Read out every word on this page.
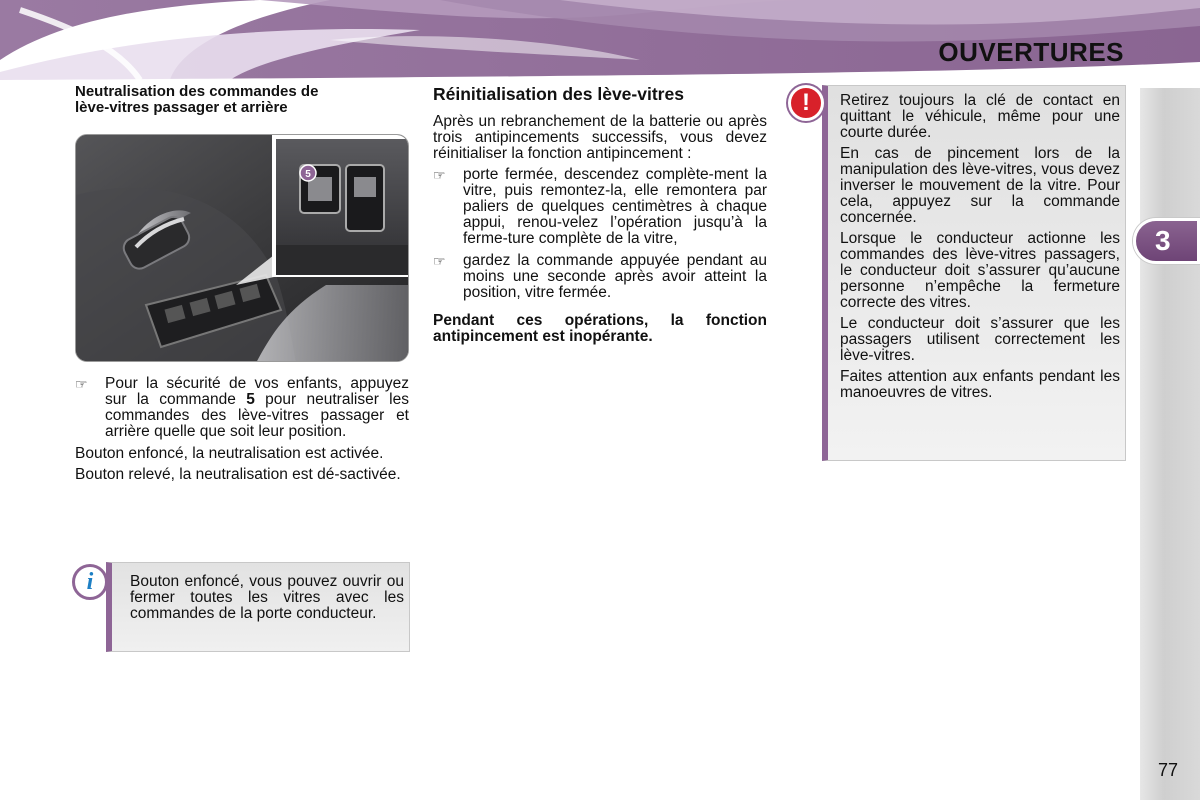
OUVERTURES
3
77
Neutralisation des commandes de
lève-vitres passager et arrière
5
☞	Pour la sécurité de vos enfants, appuyez sur la commande 5 pour neutraliser les commandes des lève-vitres passager et arrière quelle que soit leur position.

Bouton enfoncé, la neutralisation est activée.

Bouton relevé, la neutralisation est dé-sactivée.

Bouton enfoncé, vous pouvez ouvrir ou fermer toutes les vitres avec les commandes de la porte conducteur.
i
Réinitialisation des lève-vitres

Après un rebranchement de la batterie ou après trois antipincements successifs, vous devez réinitialiser la fonction antipincement :

☞	porte fermée, descendez complète-ment la vitre, puis remontez-la, elle remontera par paliers de quelques centimètres à chaque appui, renou-velez l’opération jusqu’à la ferme-ture complète de la vitre,
☞	gardez la commande appuyée pendant au moins une seconde après avoir atteint la position, vitre fermée.

Pendant ces opérations, la fonction antipincement est inopérante.

Retirez toujours la clé de contact en quittant le véhicule, même pour une courte durée.

En cas de pincement lors de la manipulation des lève-vitres, vous devez inverser le mouvement de la vitre. Pour cela, appuyez sur la commande concernée.

Lorsque le conducteur actionne les commandes des lève-vitres passagers, le conducteur doit s’assurer qu’aucune personne n’empêche la fermeture correcte des vitres.

Le conducteur doit s’assurer que les passagers utilisent correctement les lève-vitres.

Faites attention aux enfants pendant les manoeuvres de vitres.

!
